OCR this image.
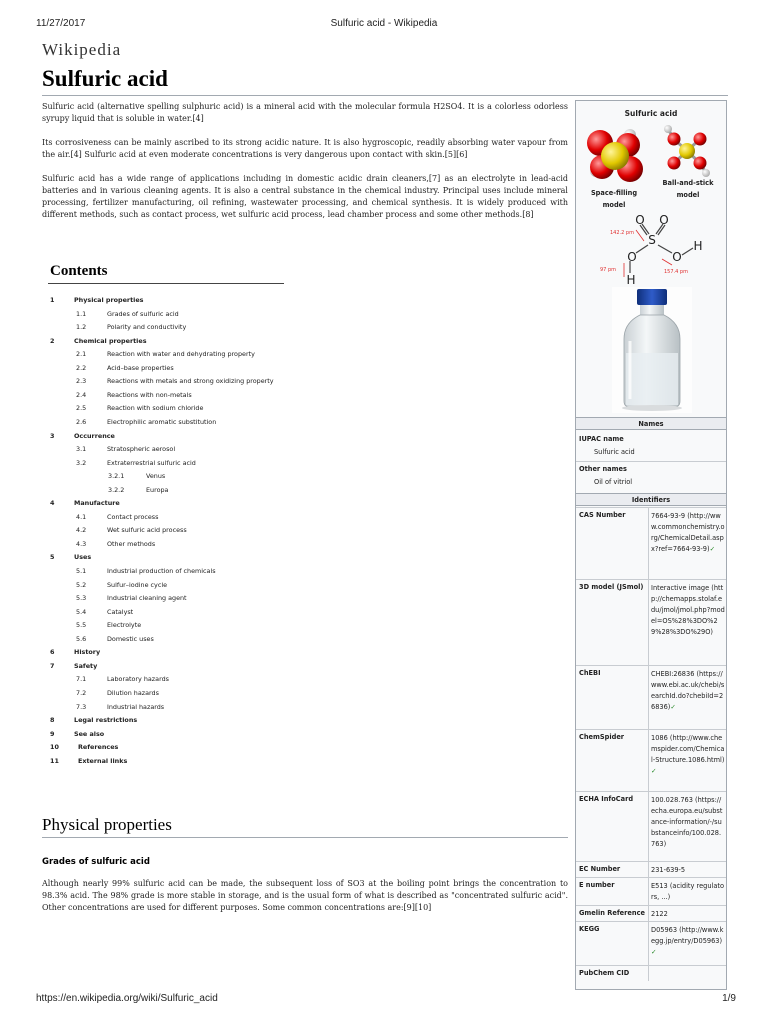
11/27/2017	Sulfuric acid - Wikipedia
Wikipedia
Sulfuric acid
Sulfuric acid (alternative spelling sulphuric acid) is a mineral acid with the molecular formula H2SO4. It is a colorless odorless syrupy liquid that is soluble in water.[4]
Its corrosiveness can be mainly ascribed to its strong acidic nature. It is also hygroscopic, readily absorbing water vapour from the air.[4] Sulfuric acid at even moderate concentrations is very dangerous upon contact with skin.[5][6]
Sulfuric acid has a wide range of applications including in domestic acidic drain cleaners,[7] as an electrolyte in lead-acid batteries and in various cleaning agents. It is also a central substance in the chemical industry. Principal uses include mineral processing, fertilizer manufacturing, oil refining, wastewater processing, and chemical synthesis. It is widely produced with different methods, such as contact process, wet sulfuric acid process, lead chamber process and some other methods.[8]
Contents
1	Physical properties
1.1	Grades of sulfuric acid
1.2	Polarity and conductivity
2	Chemical properties
2.1	Reaction with water and dehydrating property
2.2	Acid–base properties
2.3	Reactions with metals and strong oxidizing property
2.4	Reactions with non-metals
2.5	Reaction with sodium chloride
2.6	Electrophilic aromatic substitution
3	Occurrence
3.1	Stratospheric aerosol
3.2	Extraterrestrial sulfuric acid
3.2.1	Venus
3.2.2	Europa
4	Manufacture
4.1	Contact process
4.2	Wet sulfuric acid process
4.3	Other methods
5	Uses
5.1	Industrial production of chemicals
5.2	Sulfur–iodine cycle
5.3	Industrial cleaning agent
5.4	Catalyst
5.5	Electrolyte
5.6	Domestic uses
6	History
7	Safety
7.1	Laboratory hazards
7.2	Dilution hazards
7.3	Industrial hazards
8	Legal restrictions
9	See also
10	References
11	External links
Physical properties
Grades of sulfuric acid
Although nearly 99% sulfuric acid can be made, the subsequent loss of SO3 at the boiling point brings the concentration to 98.3% acid. The 98% grade is more stable in storage, and is the usual form of what is described as "concentrated sulfuric acid". Other concentrations are used for different purposes. Some common concentrations are:[9][10]
Sulfuric acid
Space-filling model
Ball-and-stick model
S
O O
O	O
H
H
142.2 pm
97 pm	157.4 pm
Names
IUPAC name
Sulfuric acid
Other names
Oil of vitriol
Identifiers
CAS Number	7664-93-9 (http://www.commonchemistry.org/ChemicalDetail.aspx?ref=7664-93-9)✓
3D model (JSmol)	Interactive image (http://chemapps.stolaf.edu/jmol/jmol.php?model=OS%28%3DO%29%28%3DO%29O)
ChEBI	CHEBI:26836 (https://www.ebi.ac.uk/chebi/searchId.do?chebiId=26836)✓
ChemSpider	1086 (http://www.chemspider.com/Chemical-Structure.1086.html)✓
ECHA InfoCard	100.028.763 (https://echa.europa.eu/substance-information/-/substanceinfo/100.028.763)
EC Number	231-639-5
E number	E513 (acidity regulators, ...)
Gmelin Reference 2122
KEGG	D05963 (http://www.kegg.jp/entry/D05963)✓
PubChem CID
https://en.wikipedia.org/wiki/Sulfuric_acid	1/9
